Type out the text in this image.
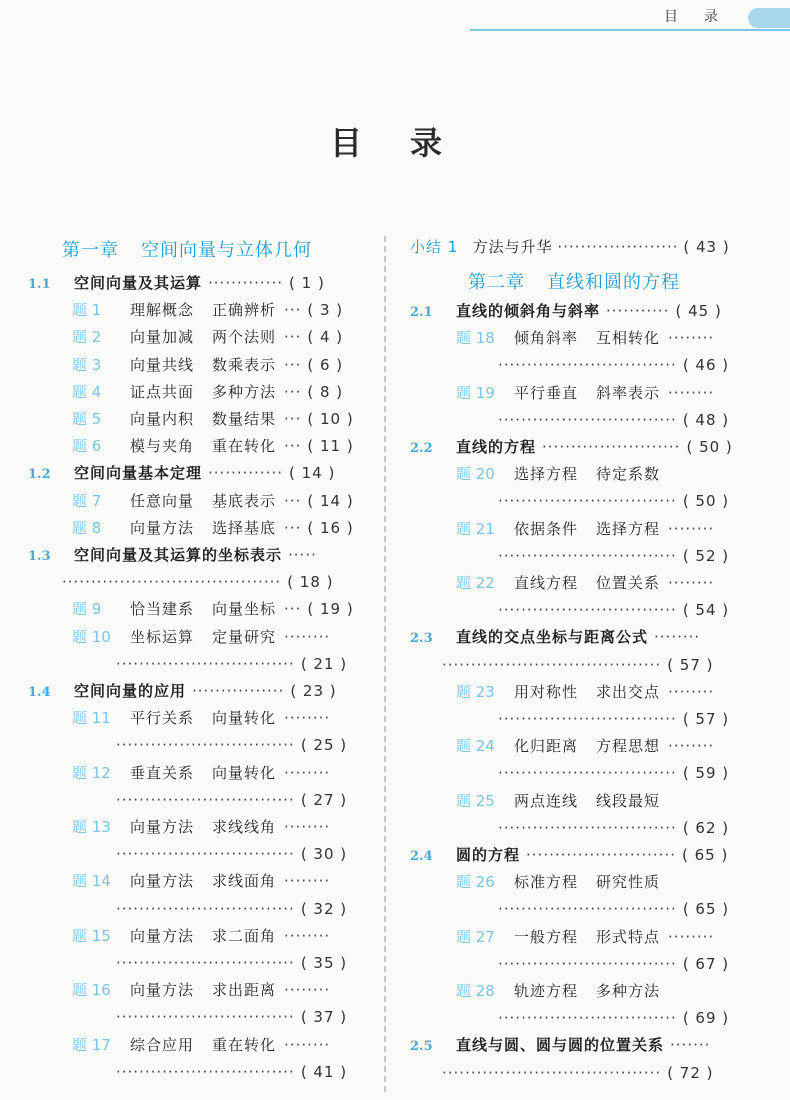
目录
目录
第一章 空间向量与立体几何
1.1 空间向量及其运算 ············· ( 1 )
题 1 理解概念 正确辨析 ··· ( 3 )
题 2 向量加减 两个法则 ··· ( 4 )
题 3 向量共线 数乘表示 ··· ( 6 )
题 4 证点共面 多种方法 ··· ( 8 )
题 5 向量内积 数量结果 ··· ( 10 )
题 6 模与夹角 重在转化 ··· ( 11 )
1.2 空间向量基本定理 ············· ( 14 )
题 7 任意向量 基底表示 ··· ( 14 )
题 8 向量方法 选择基底 ··· ( 16 )
1.3 空间向量及其运算的坐标表示 ·····
······································ ( 18 )
题 9 恰当建系 向量坐标 ··· ( 19 )
题 10 坐标运算 定量研究 ········
······························· ( 21 )
1.4 空间向量的应用 ················ ( 23 )
题 11 平行关系 向量转化 ········
······························· ( 25 )
题 12 垂直关系 向量转化 ········
······························· ( 27 )
题 13 向量方法 求线线角 ········
······························· ( 30 )
题 14 向量方法 求线面角 ········
······························· ( 32 )
题 15 向量方法 求二面角 ········
······························· ( 35 )
题 16 向量方法 求出距离 ········
······························· ( 37 )
题 17 综合应用 重在转化 ········
······························· ( 41 )
小结 1 方法与升华 ····················· ( 43 )
第二章 直线和圆的方程
2.1 直线的倾斜角与斜率 ··········· ( 45 )
题 18 倾角斜率 互相转化 ········
······························· ( 46 )
题 19 平行垂直 斜率表示 ········
······························· ( 48 )
2.2 直线的方程 ························ ( 50 )
题 20 选择方程 待定系数
······························· ( 50 )
题 21 依据条件 选择方程 ········
······························· ( 52 )
题 22 直线方程 位置关系 ········
······························· ( 54 )
2.3 直线的交点坐标与距离公式 ········
······································ ( 57 )
题 23 用对称性 求出交点 ········
······························· ( 57 )
题 24 化归距离 方程思想 ········
······························· ( 59 )
题 25 两点连线 线段最短
······························· ( 62 )
2.4 圆的方程 ·························· ( 65 )
题 26 标准方程 研究性质
······························· ( 65 )
题 27 一般方程 形式特点 ········
······························· ( 67 )
题 28 轨迹方程 多种方法
······························· ( 69 )
2.5 直线与圆、圆与圆的位置关系 ·······
······································ ( 72 )
